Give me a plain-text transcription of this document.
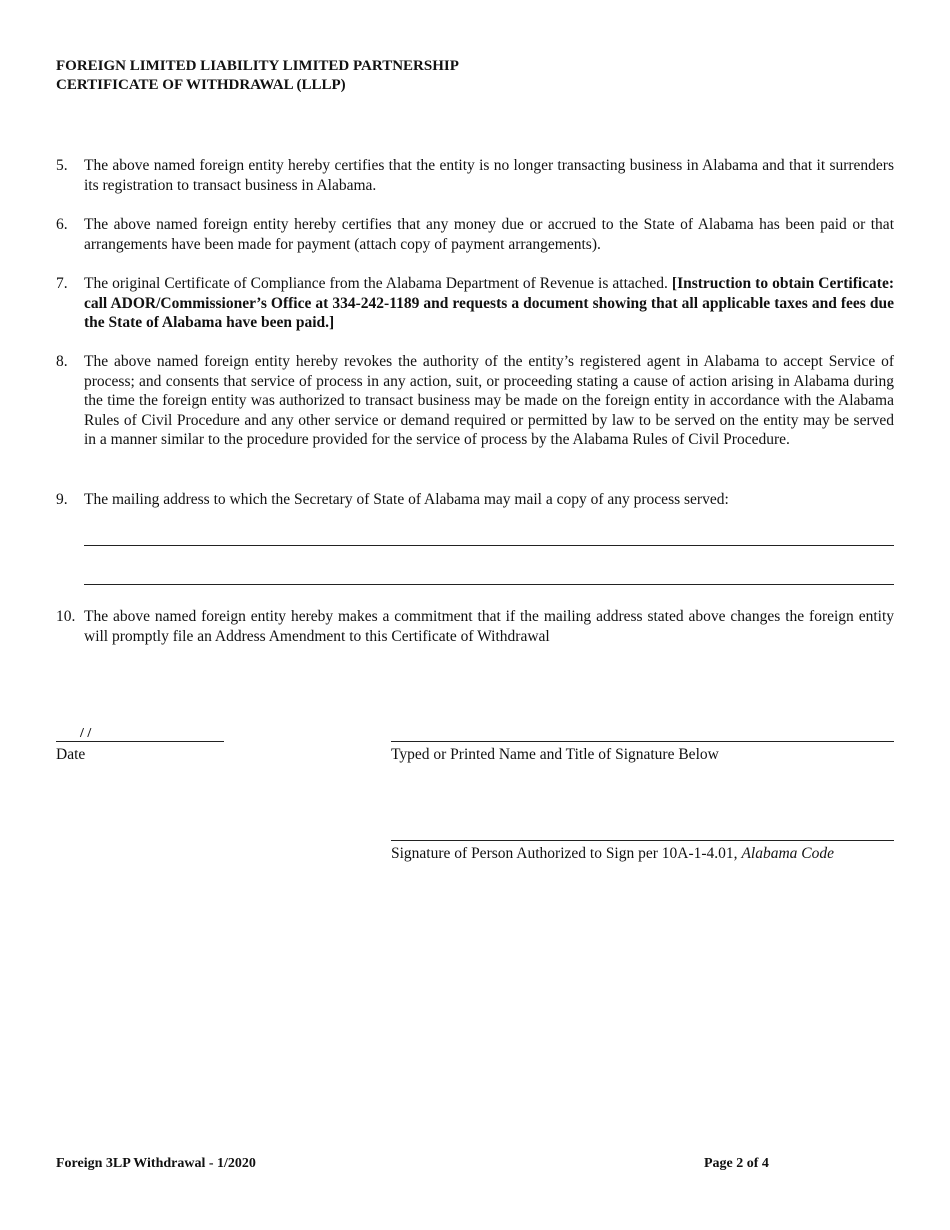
FOREIGN LIMITED LIABILITY LIMITED PARTNERSHIP
CERTIFICATE OF WITHDRAWAL (LLLP)
5. The above named foreign entity hereby certifies that the entity is no longer transacting business in Alabama and that it surrenders its registration to transact business in Alabama.
6. The above named foreign entity hereby certifies that any money due or accrued to the State of Alabama has been paid or that arrangements have been made for payment (attach copy of payment arrangements).
7. The original Certificate of Compliance from the Alabama Department of Revenue is attached. [Instruction to obtain Certificate: call ADOR/Commissioner’s Office at 334-242-1189 and requests a document showing that all applicable taxes and fees due the State of Alabama have been paid.]
8. The above named foreign entity hereby revokes the authority of the entity’s registered agent in Alabama to accept Service of process; and consents that service of process in any action, suit, or proceeding stating a cause of action arising in Alabama during the time the foreign entity was authorized to transact business may be made on the foreign entity in accordance with the Alabama Rules of Civil Procedure and any other service or demand required or permitted by law to be served on the entity may be served in a manner similar to the procedure provided for the service of process by the Alabama Rules of Civil Procedure.
9. The mailing address to which the Secretary of State of Alabama may mail a copy of any process served:
10. The above named foreign entity hereby makes a commitment that if the mailing address stated above changes the foreign entity will promptly file an Address Amendment to this Certificate of Withdrawal
/ /
Date	Typed or Printed Name and Title of Signature Below
Signature of Person Authorized to Sign per 10A-1-4.01, Alabama Code
Foreign 3LP Withdrawal - 1/2020	Page 2 of 4
